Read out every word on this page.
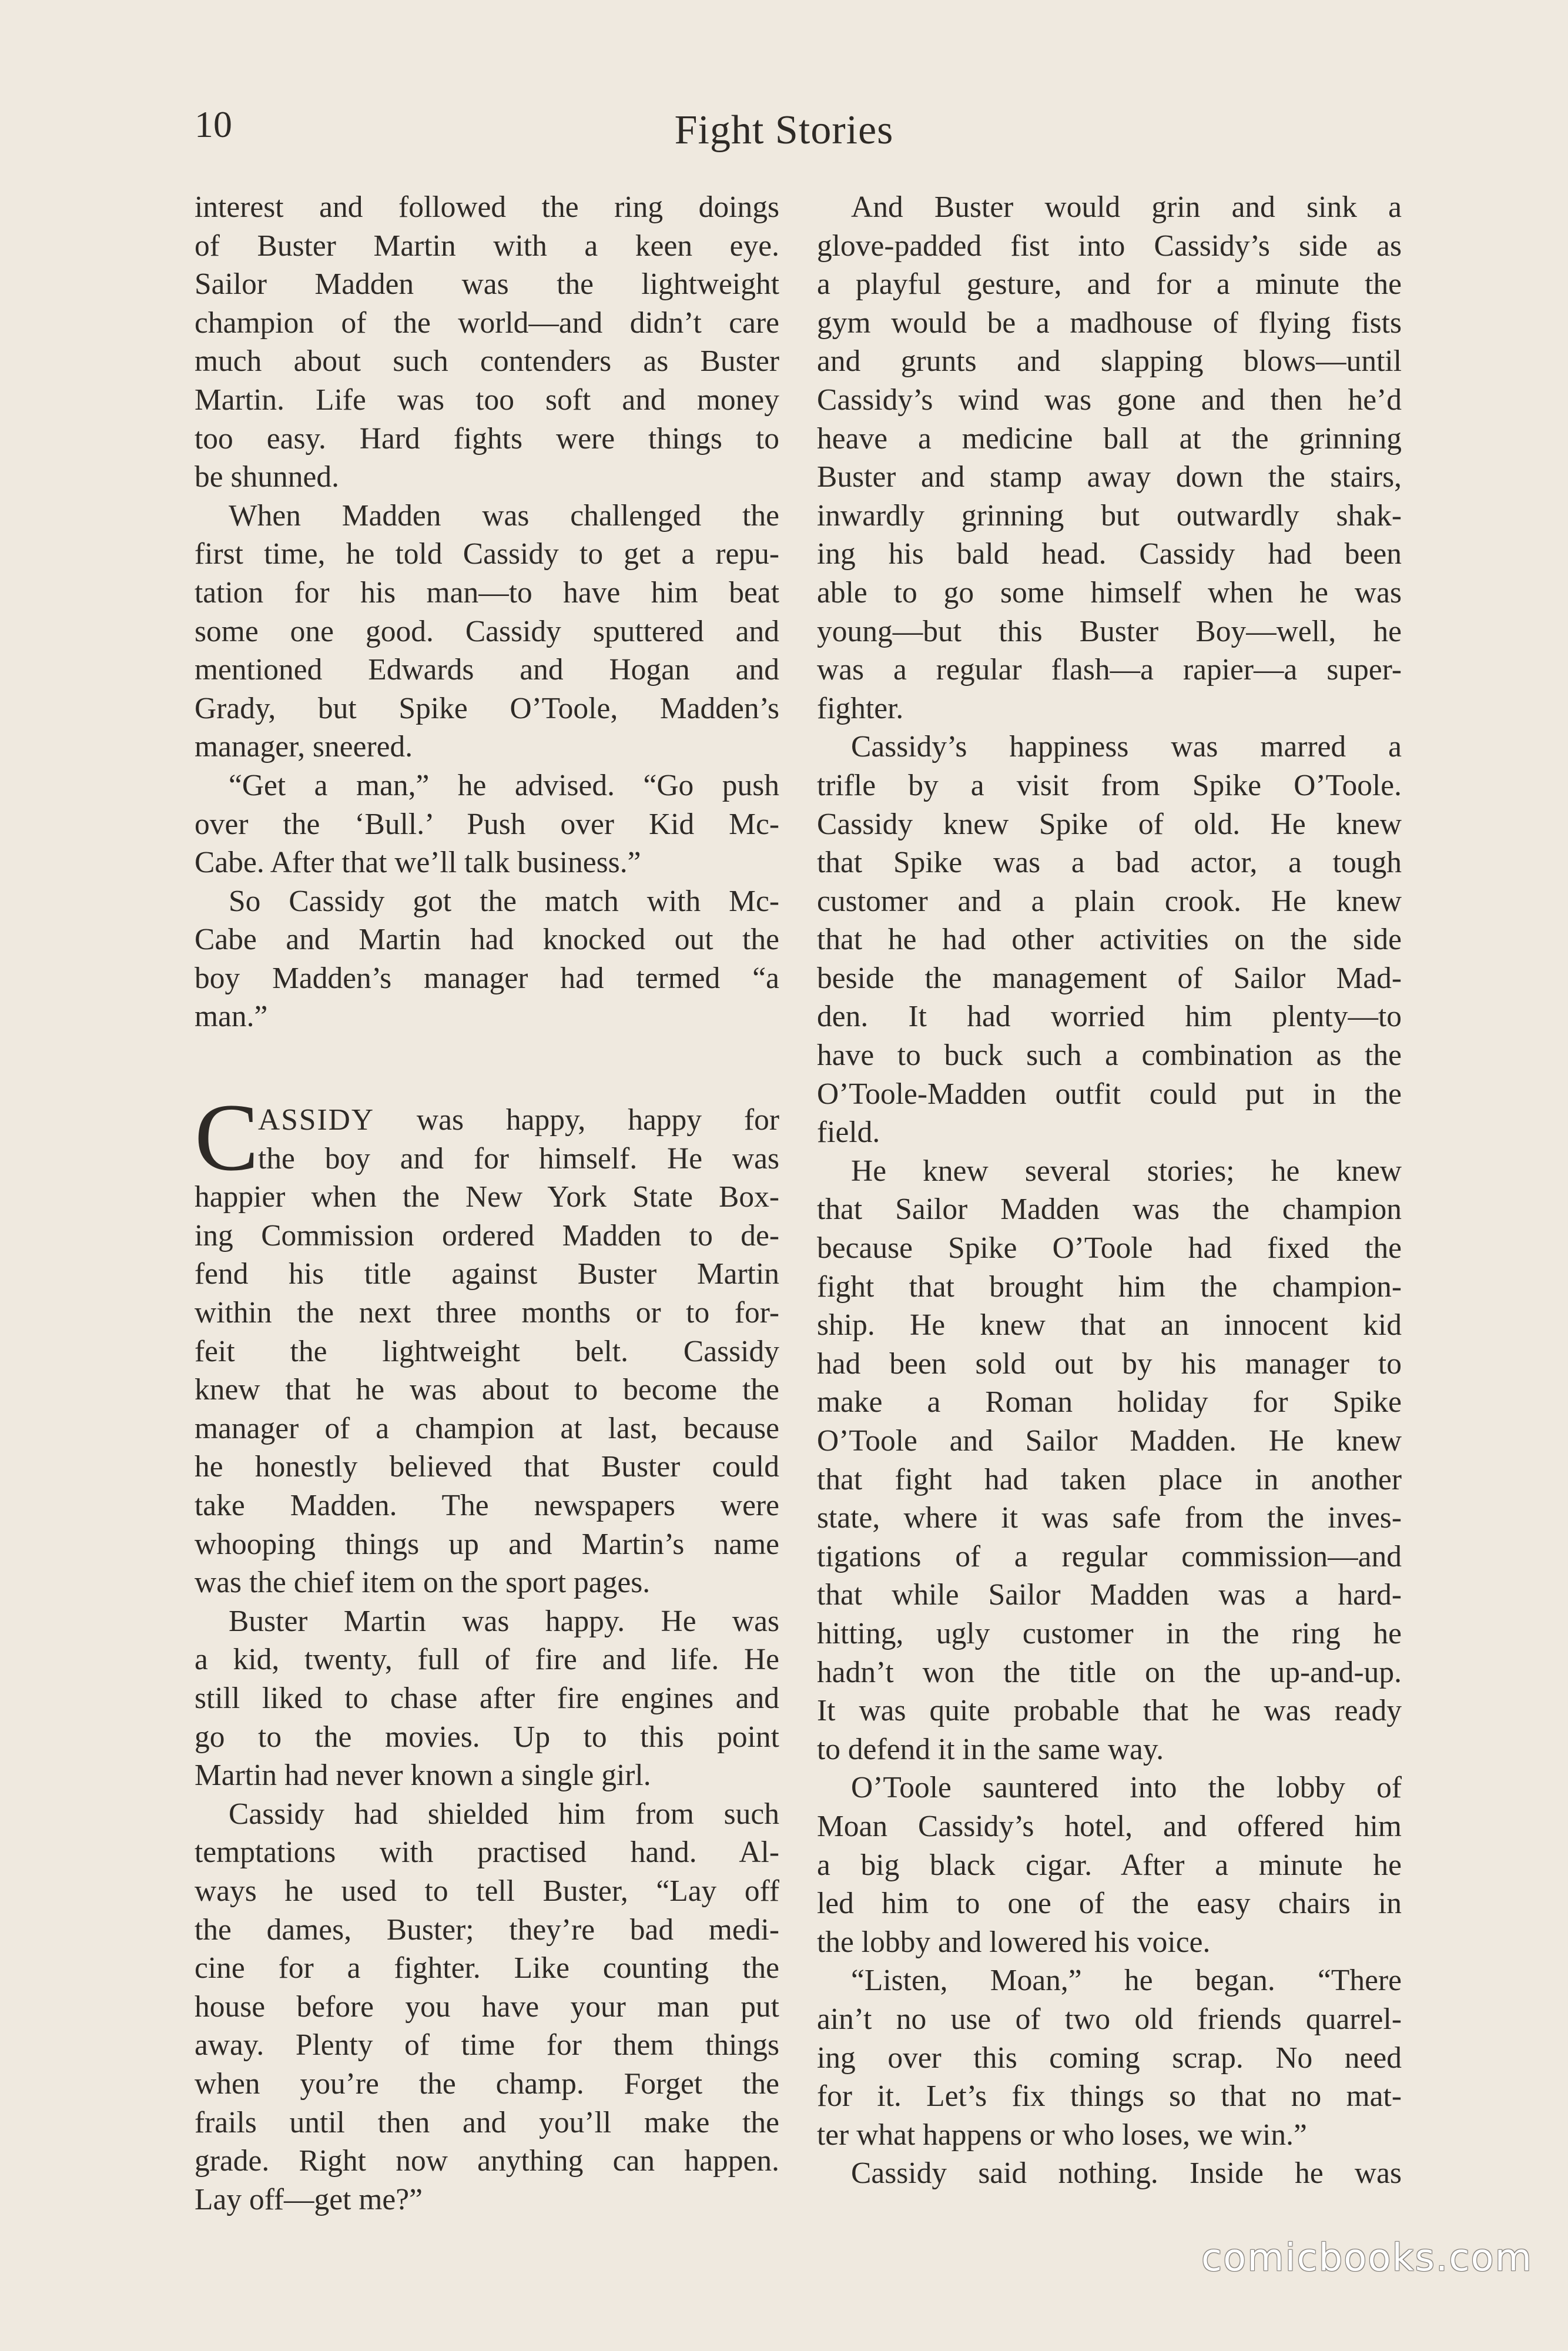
10	Fight Stories
interest and followed the ring doings
of Buster Martin with a keen eye.
Sailor Madden was the lightweight
champion of the world—and didn’t care
much about such contenders as Buster
Martin. Life was too soft and money
too easy. Hard fights were things to
be shunned.
When Madden was challenged the
first time, he told Cassidy to get a repu-
tation for his man—to have him beat
some one good. Cassidy sputtered and
mentioned Edwards and Hogan and
Grady, but Spike O’Toole, Madden’s
manager, sneered.
“Get a man,” he advised. “Go push
over the ‘Bull.’ Push over Kid Mc-
Cabe. After that we’ll talk business.”
So Cassidy got the match with Mc-
Cabe and Martin had knocked out the
boy Madden’s manager had termed “a
man.”
C
ASSIDY was happy, happy for
the boy and for himself. He was
happier when the New York State Box-
ing Commission ordered Madden to de-
fend his title against Buster Martin
within the next three months or to for-
feit the lightweight belt. Cassidy
knew that he was about to become the
manager of a champion at last, because
he honestly believed that Buster could
take Madden. The newspapers were
whooping things up and Martin’s name
was the chief item on the sport pages.
Buster Martin was happy. He was
a kid, twenty, full of fire and life. He
still liked to chase after fire engines and
go to the movies. Up to this point
Martin had never known a single girl.
Cassidy had shielded him from such
temptations with practised hand. Al-
ways he used to tell Buster, “Lay off
the dames, Buster; they’re bad medi-
cine for a fighter. Like counting the
house before you have your man put
away. Plenty of time for them things
when you’re the champ. Forget the
frails until then and you’ll make the
grade. Right now anything can happen.
Lay off—get me?”
And Buster would grin and sink a
glove-padded fist into Cassidy’s side as
a playful gesture, and for a minute the
gym would be a madhouse of flying fists
and grunts and slapping blows—until
Cassidy’s wind was gone and then he’d
heave a medicine ball at the grinning
Buster and stamp away down the stairs,
inwardly grinning but outwardly shak-
ing his bald head. Cassidy had been
able to go some himself when he was
young—but this Buster Boy—well, he
was a regular flash—a rapier—a super-
fighter.
Cassidy’s happiness was marred a
trifle by a visit from Spike O’Toole.
Cassidy knew Spike of old. He knew
that Spike was a bad actor, a tough
customer and a plain crook. He knew
that he had other activities on the side
beside the management of Sailor Mad-
den. It had worried him plenty—to
have to buck such a combination as the
O’Toole-Madden outfit could put in the
field.
He knew several stories; he knew
that Sailor Madden was the champion
because Spike O’Toole had fixed the
fight that brought him the champion-
ship. He knew that an innocent kid
had been sold out by his manager to
make a Roman holiday for Spike
O’Toole and Sailor Madden. He knew
that fight had taken place in another
state, where it was safe from the inves-
tigations of a regular commission—and
that while Sailor Madden was a hard-
hitting, ugly customer in the ring he
hadn’t won the title on the up-and-up.
It was quite probable that he was ready
to defend it in the same way.
O’Toole sauntered into the lobby of
Moan Cassidy’s hotel, and offered him
a big black cigar. After a minute he
led him to one of the easy chairs in
the lobby and lowered his voice.
“Listen, Moan,” he began. “There
ain’t no use of two old friends quarrel-
ing over this coming scrap. No need
for it. Let’s fix things so that no mat-
ter what happens or who loses, we win.”
Cassidy said nothing. Inside he was
comicbooks.com
